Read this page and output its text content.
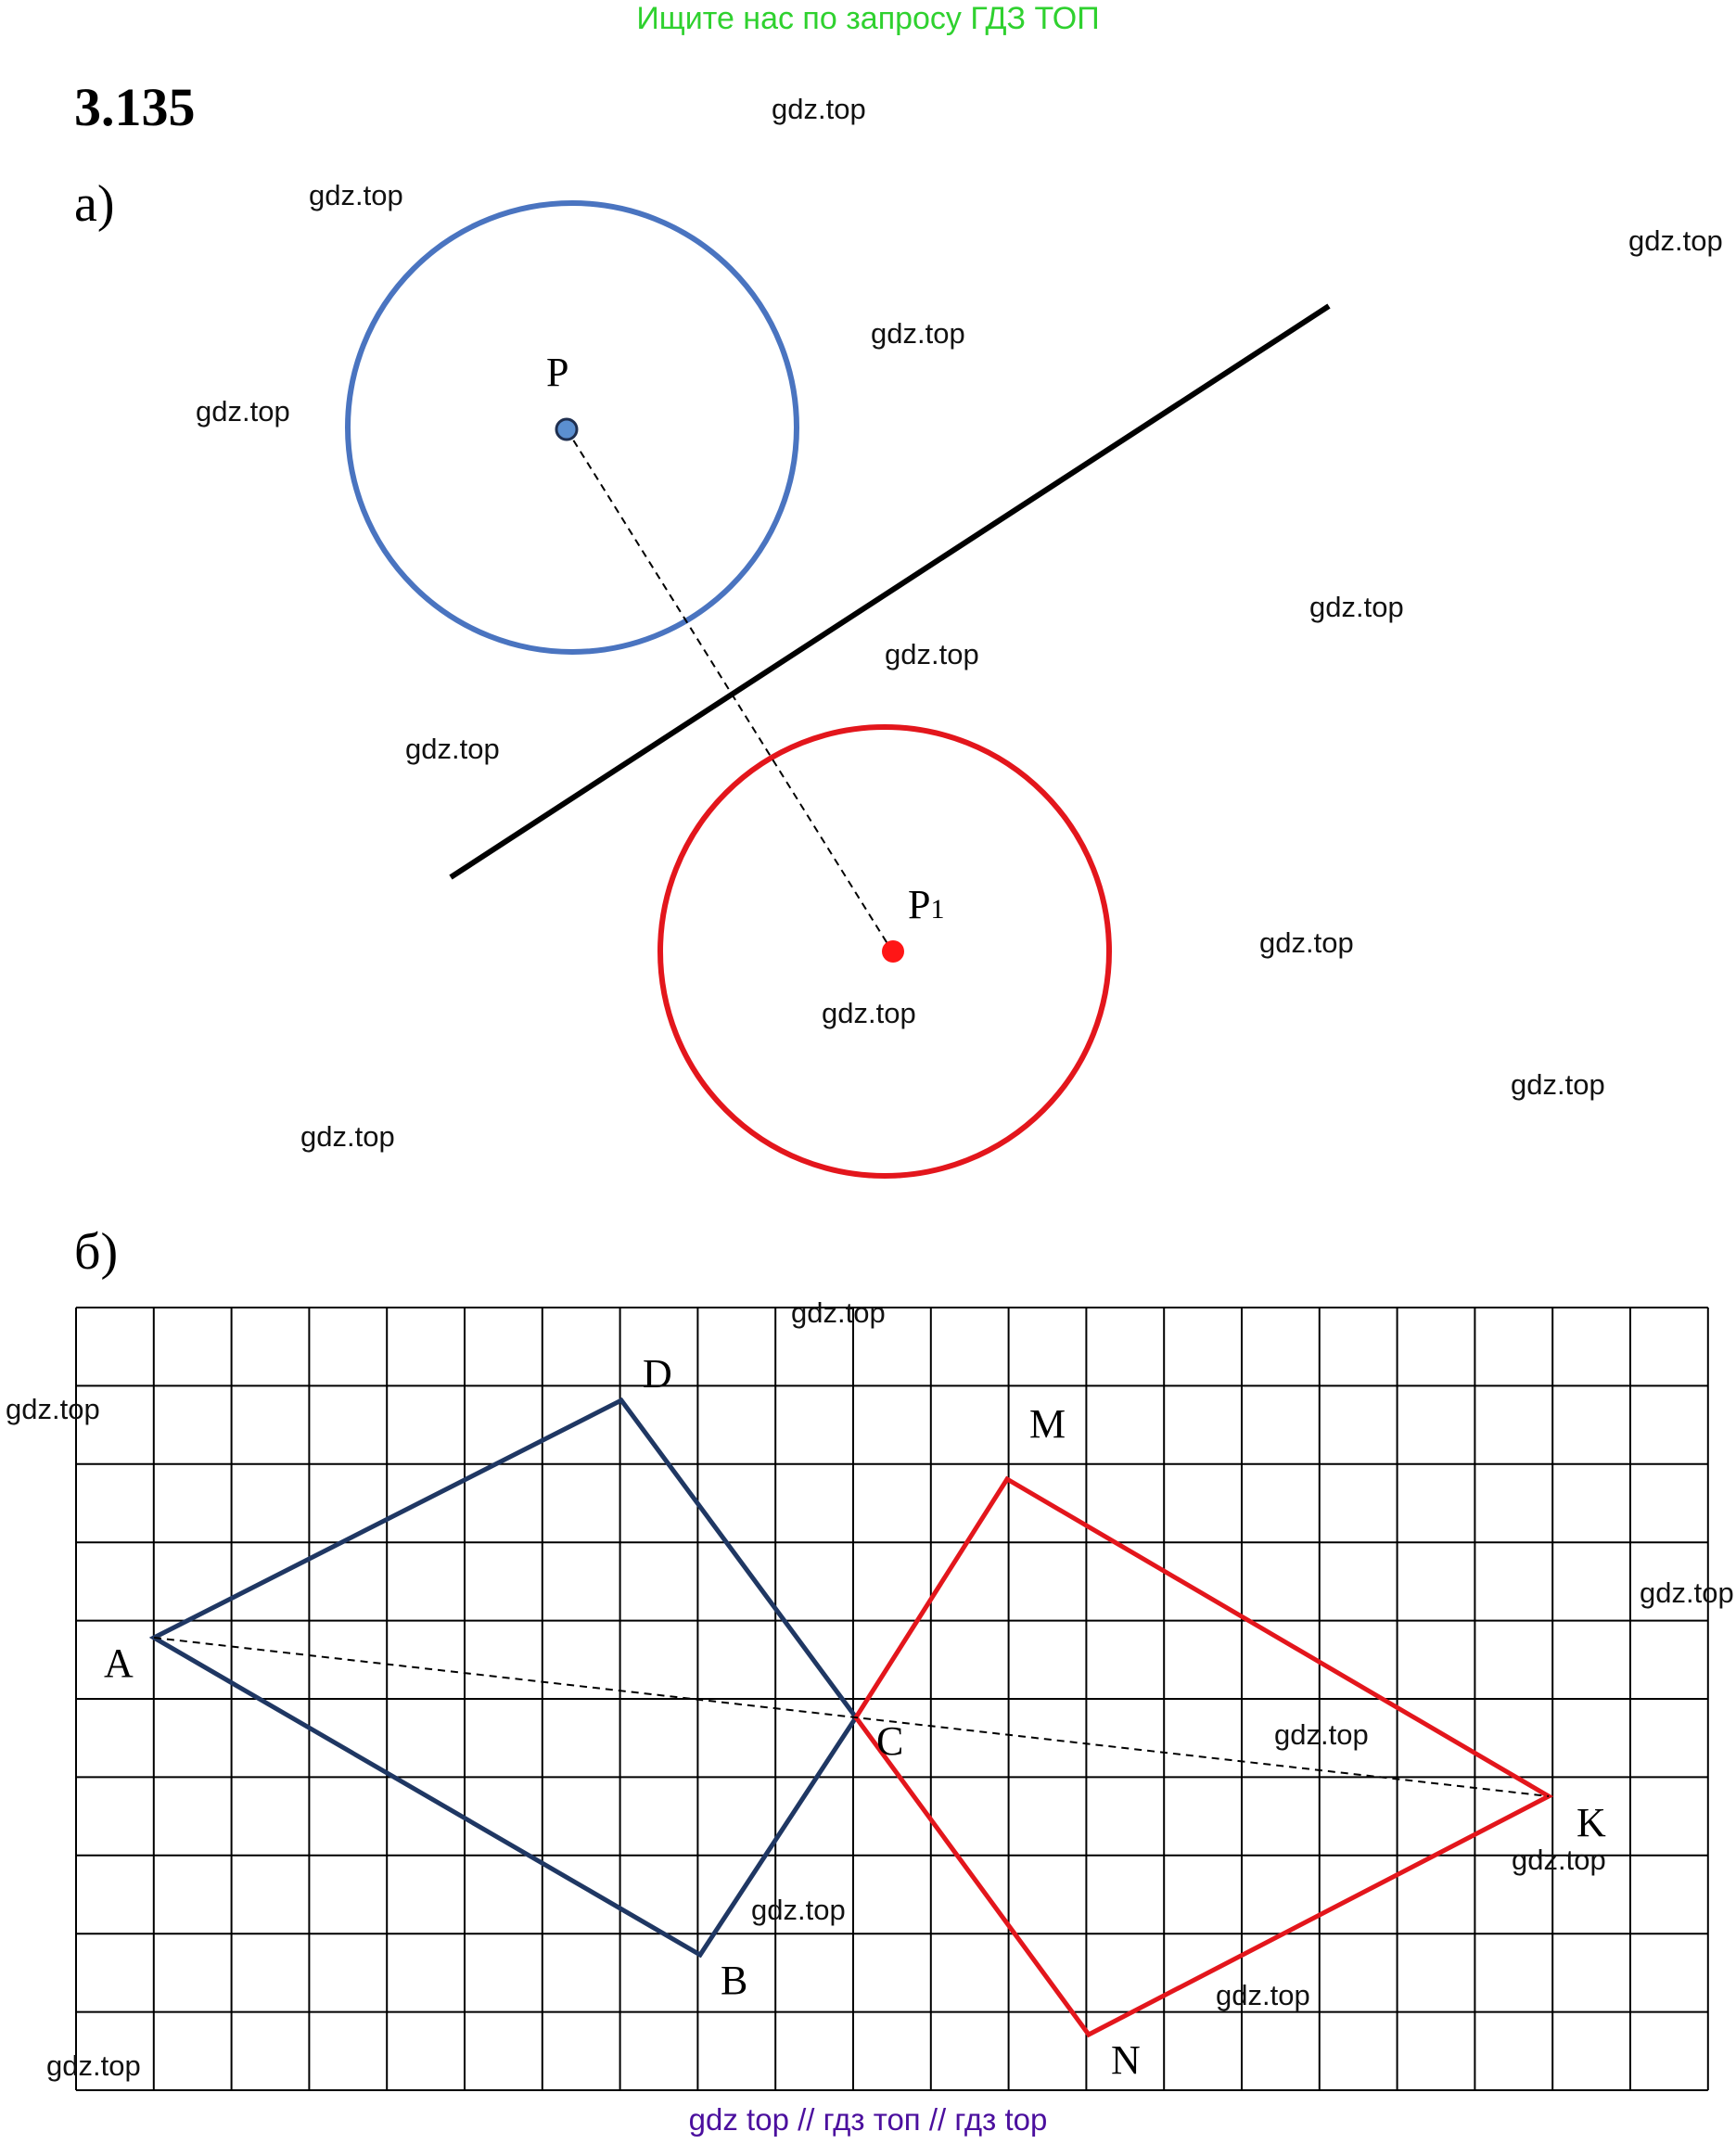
Ищите нас по запросу ГДЗ ТОП
3.135
а)
б)
P
P1
D
A
C
B
M
K
N
gdz.top
gdz.top
gdz.top
gdz.top
gdz.top
gdz.top
gdz.top
gdz.top
gdz.top
gdz.top
gdz.top
gdz.top
gdz.top
gdz.top
gdz.top
gdz.top
gdz.top
gdz.top
gdz.top
gdz.top
gdz top // гдз топ // гдз top
